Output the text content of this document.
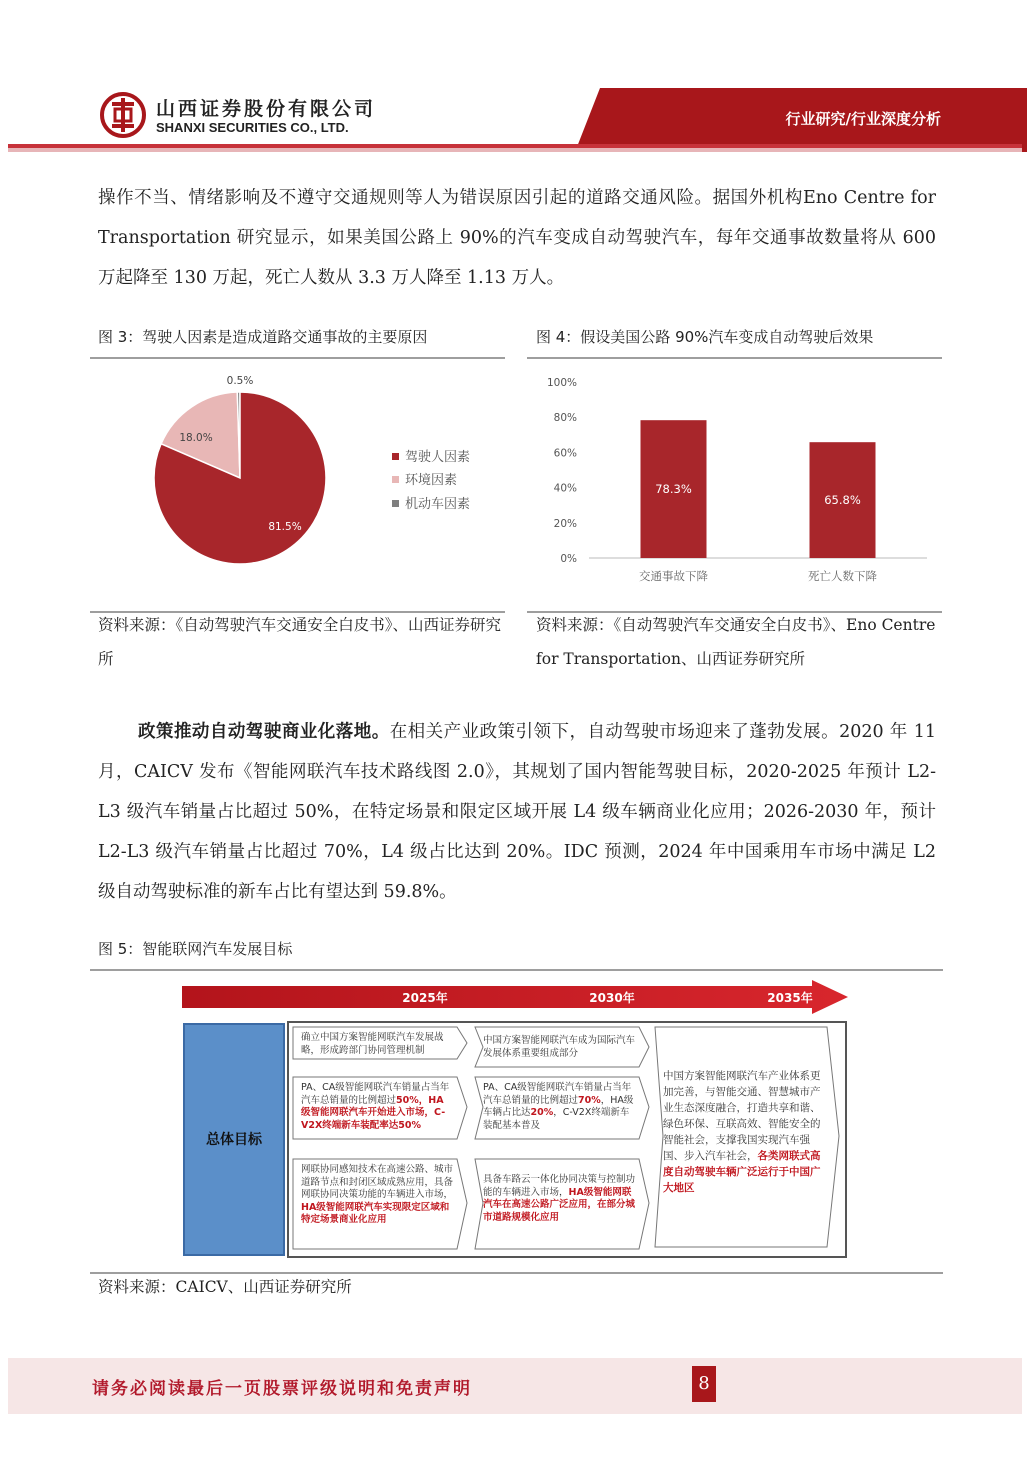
山西证券股份有限公司
SHANXI SECURITIES CO., LTD.	行业研究/行业深度分析
操作不当、情绪影响及不遵守交通规则等人为错误原因引起的道路交通风险。据国外机构Eno Centre for Transportation 研究显示，如果美国公路上 90%的汽车变成自动驾驶汽车，每年交通事故数量将从 600 万起降至 130 万起，死亡人数从 3.3 万人降至 1.13 万人。
图 3：驾驶人因素是造成道路交通事故的主要原因
0.5%
18.0%
81.5%
驾驶人因素
环境因素
机动车因素
资料来源：《自动驾驶汽车交通安全白皮书》、山西证券研究所
图 4：假设美国公路 90%汽车变成自动驾驶后效果
0%
20%
40%
60%
80%
100%
78.3%
交通事故下降
65.8%
死亡人数下降
资料来源：《自动驾驶汽车交通安全白皮书》、Eno Centre for Transportation、山西证券研究所
政策推动自动驾驶商业化落地。在相关产业政策引领下，自动驾驶市场迎来了蓬勃发展。2020 年 11 月，CAICV 发布《智能网联汽车技术路线图 2.0》，其规划了国内智能驾驶目标，2020-2025 年预计 L2-L3 级汽车销量占比超过 50%，在特定场景和限定区域开展 L4 级车辆商业化应用；2026-2030 年，预计 L2-L3 级汽车销量占比超过 70%，L4 级占比达到 20%。IDC 预测，2024 年中国乘用车市场中满足 L2 级自动驾驶标准的新车占比有望达到 59.8%。
图 5：智能联网汽车发展目标
2025年	2030年	2035年
总体目标
确立中国方案智能网联汽车发展战略，形成跨部门协同管理机制
PA、CA级智能网联汽车销量占当年汽车总销量的比例超过50%，HA级智能网联汽车开始进入市场，C-V2X终端新车装配率达50%
网联协同感知技术在高速公路、城市道路节点和封闭区域成熟应用，具备网联协同决策功能的车辆进入市场，HA级智能网联汽车实现限定区域和特定场景商业化应用
中国方案智能网联汽车成为国际汽车发展体系重要组成部分
PA、CA级智能网联汽车销量占当年汽车总销量的比例超过70%，HA级车辆占比达20%，C-V2X终端新车装配基本普及
具备车路云一体化协同决策与控制功能的车辆进入市场，HA级智能网联汽车在高速公路广泛应用，在部分城市道路规模化应用
中国方案智能网联汽车产业体系更加完善，与智能交通、智慧城市产业生态深度融合，打造共享和谐、绿色环保、互联高效、智能安全的智能社会，支撑我国实现汽车强国、步入汽车社会，各类网联式高度自动驾驶车辆广泛运行于中国广大地区
资料来源：CAICV、山西证券研究所
请务必阅读最后一页股票评级说明和免责声明	8
